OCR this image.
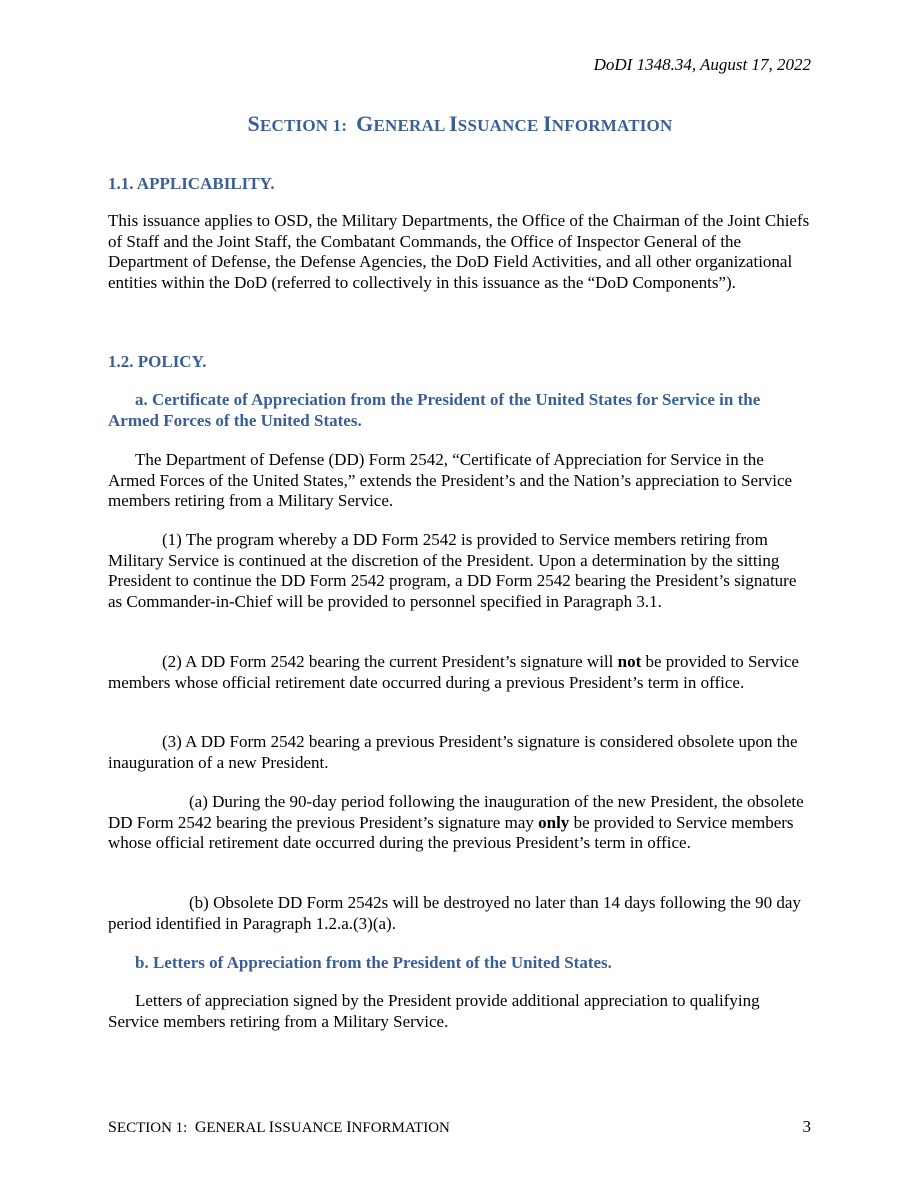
DoDI 1348.34, August 17, 2022
SECTION 1: GENERAL ISSUANCE INFORMATION

1.1. APPLICABILITY.

This issuance applies to OSD, the Military Departments, the Office of the Chairman of the Joint Chiefs of Staff and the Joint Staff, the Combatant Commands, the Office of Inspector General of the Department of Defense, the Defense Agencies, the DoD Field Activities, and all other organizational entities within the DoD (referred to collectively in this issuance as the “DoD Components”).

1.2. POLICY.

a. Certificate of Appreciation from the President of the United States for Service in the Armed Forces of the United States.

The Department of Defense (DD) Form 2542, “Certificate of Appreciation for Service in the Armed Forces of the United States,” extends the President’s and the Nation’s appreciation to Service members retiring from a Military Service.

(1) The program whereby a DD Form 2542 is provided to Service members retiring from Military Service is continued at the discretion of the President. Upon a determination by the sitting President to continue the DD Form 2542 program, a DD Form 2542 bearing the President’s signature as Commander-in-Chief will be provided to personnel specified in Paragraph 3.1.

(2) A DD Form 2542 bearing the current President’s signature will not be provided to Service members whose official retirement date occurred during a previous President’s term in office.

(3) A DD Form 2542 bearing a previous President’s signature is considered obsolete upon the inauguration of a new President.

(a) During the 90-day period following the inauguration of the new President, the obsolete DD Form 2542 bearing the previous President’s signature may only be provided to Service members whose official retirement date occurred during the previous President’s term in office.

(b) Obsolete DD Form 2542s will be destroyed no later than 14 days following the 90 day period identified in Paragraph 1.2.a.(3)(a).

b. Letters of Appreciation from the President of the United States.

Letters of appreciation signed by the President provide additional appreciation to qualifying Service members retiring from a Military Service.

SECTION 1: GENERAL ISSUANCE INFORMATION	3
